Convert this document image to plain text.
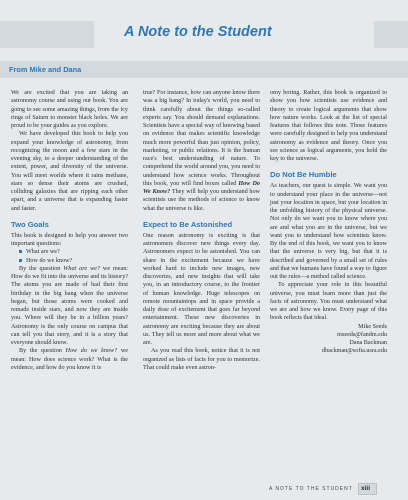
A Note to the Student
From Mike and Dana

We are excited that you are taking an astronomy course and using our book. You are going to see some amazing things, from the icy rings of Saturn to monster black holes. We are proud to be your guides as you explore.

We have developed this book to help you expand your knowledge of astronomy, from recognizing the moon and a few stars in the evening sky, to a deeper understanding of the extent, power, and diversity of the universe. You will meet worlds where it rains methane, stars so dense their atoms are crushed, colliding galaxies that are ripping each other apart, and a universe that is expanding faster and faster.

Two Goals

This book is designed to help you answer two important questions:

What are we?
How do we know?

By the question What are we? we mean: How do we fit into the universe and its history? The atoms you are made of had their first birthday in the big bang when the universe began, but those atoms were cooked and remade inside stars, and now they are inside you. Where will they be in a billion years? Astronomy is the only course on campus that can tell you that story, and it is a story that everyone should know.

By the question How do we know? we mean: How does science work? What is the evidence, and how do you know it is

true? For instance, how can anyone know there was a big bang? In today's world, you need to think carefully about the things so-called experts say. You should demand explanations. Scientists have a special way of knowing based on evidence that makes scientific knowledge much more powerful than just opinion, policy, marketing, or public relations. It is the human race's best understanding of nature. To comprehend the world around you, you need to understand how science works. Throughout this book, you will find boxes called How Do We Know? They will help you understand how scientists use the methods of science to know what the universe is like.

Expect to Be Astonished

One reason astronomy is exciting is that astronomers discover new things every day. Astronomers expect to be astonished. You can share in the excitement because we have worked hard to include new images, new discoveries, and new insights that will take you, in an introductory course, to the frontier of human knowledge. Huge telescopes on remote mountaintops and in space provide a daily dose of excitement that goes far beyond entertainment. These new discoveries in astronomy are exciting because they are about us. They tell us more and more about what we are.

As you read this book, notice that it is not organized as lists of facts for you to memorize. That could make even astron-

omy boring. Rather, this book is organized to show you how scientists use evidence and theory to create logical arguments that show how nature works. Look at the list of special features that follows this note. Those features were carefully designed to help you understand astronomy as evidence and theory. Once you see science as logical arguments, you hold the key to the universe.

Do Not Be Humble

As teachers, our quest is simple. We want you to understand your place in the universe—not just your location in space, but your location in the unfolding history of the physical universe. Not only do we want you to know where you are and what you are in the universe, but we want you to understand how scientists know. By the end of this book, we want you to know that the universe is very big, but that it is described and governed by a small set of rules and that we humans have found a way to figure out the rules—a method called science.

To appreciate your role in this beautiful universe, you must learn more than just the facts of astronomy. You must understand what we are and how we know. Every page of this book reflects that ideal.

Mike Seeds
mseeds@fandm.edu
Dana Backman
dbackman@sofia.usra.edu
A NOTE TO THE STUDENT xiii
